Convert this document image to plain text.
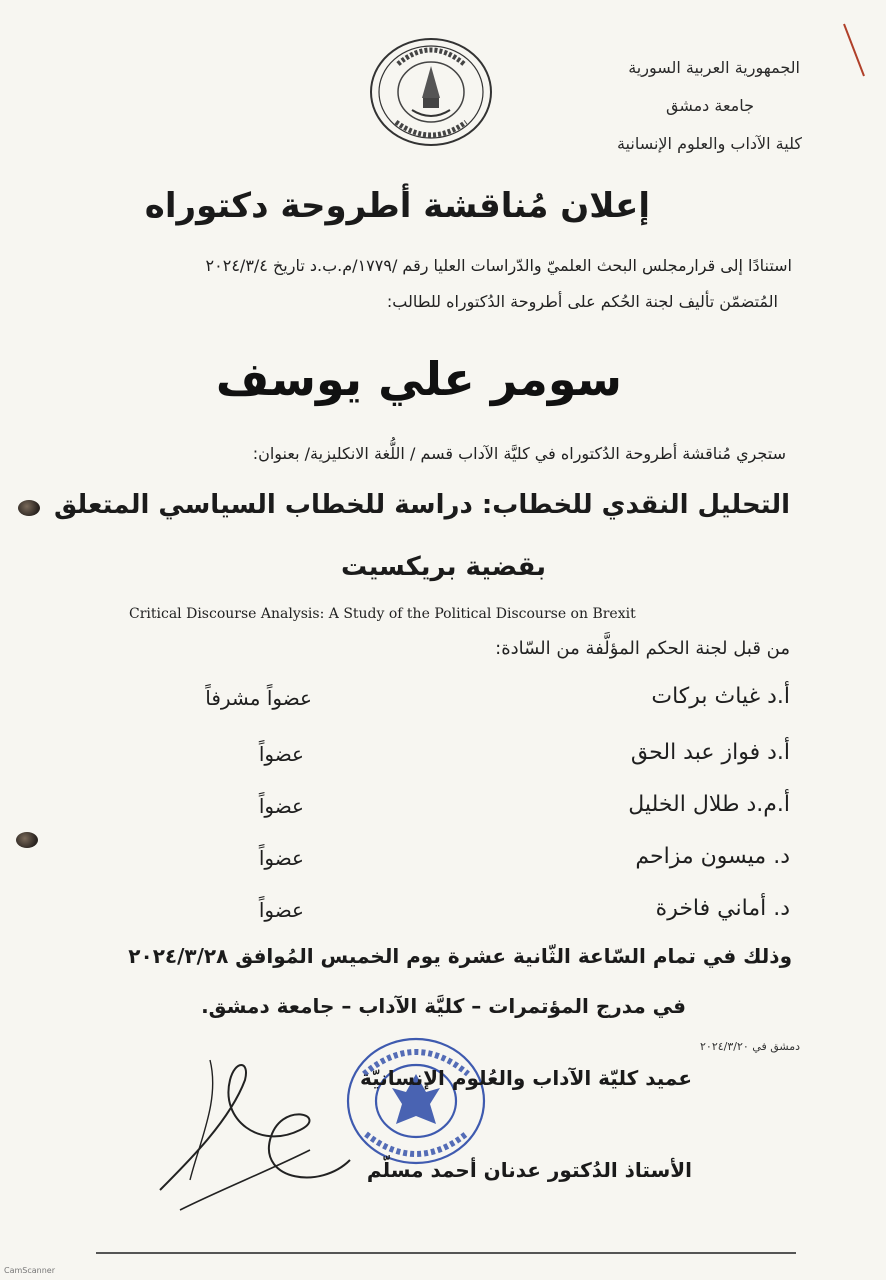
الجمهورية العربية السورية
جامعة دمشق
كلية الآداب والعلوم الإنسانية
إعلان مُناقشة أطروحة دكتوراه
استنادًا إلى قرارمجلس البحث العلميّ والدّراسات العليا رقم /١٧٧٩/م.ب.د تاريخ ٢٠٢٤/٣/٤
المُتضمّن تأليف لجنة الحُكم على أطروحة الدُكتوراه للطالب:
سومر علي يوسف
ستجري مُناقشة أطروحة الدُكتوراه في كليَّة الآداب قسم / اللُّغة الانكليزية/ بعنوان:
التحليل النقدي للخطاب: دراسة للخطاب السياسي المتعلق
بقضية بريكسيت
Critical Discourse Analysis: A Study of the Political Discourse on Brexit
من قبل لجنة الحكم المؤلَّفة من السّادة:
أ.د غياث بركات
عضواً مشرفاً
أ.د فواز عبد الحق
عضواً
أ.م.د طلال الخليل
عضواً
د. ميسون مزاحم
عضواً
د. أماني فاخرة
عضواً
وذلك في تمام السّاعة الثّانية عشرة يوم الخميس المُوافق ٢٠٢٤/٣/٢٨
في مدرج المؤتمرات – كليَّة الآداب – جامعة دمشق.
دمشق في ٢٠٢٤/٣/٢٠
عميد كليّة الآداب والعُلوم الإنسانيّة
الأستاذ الدُكتور عدنان أحمد مسلّم
CamScanner
